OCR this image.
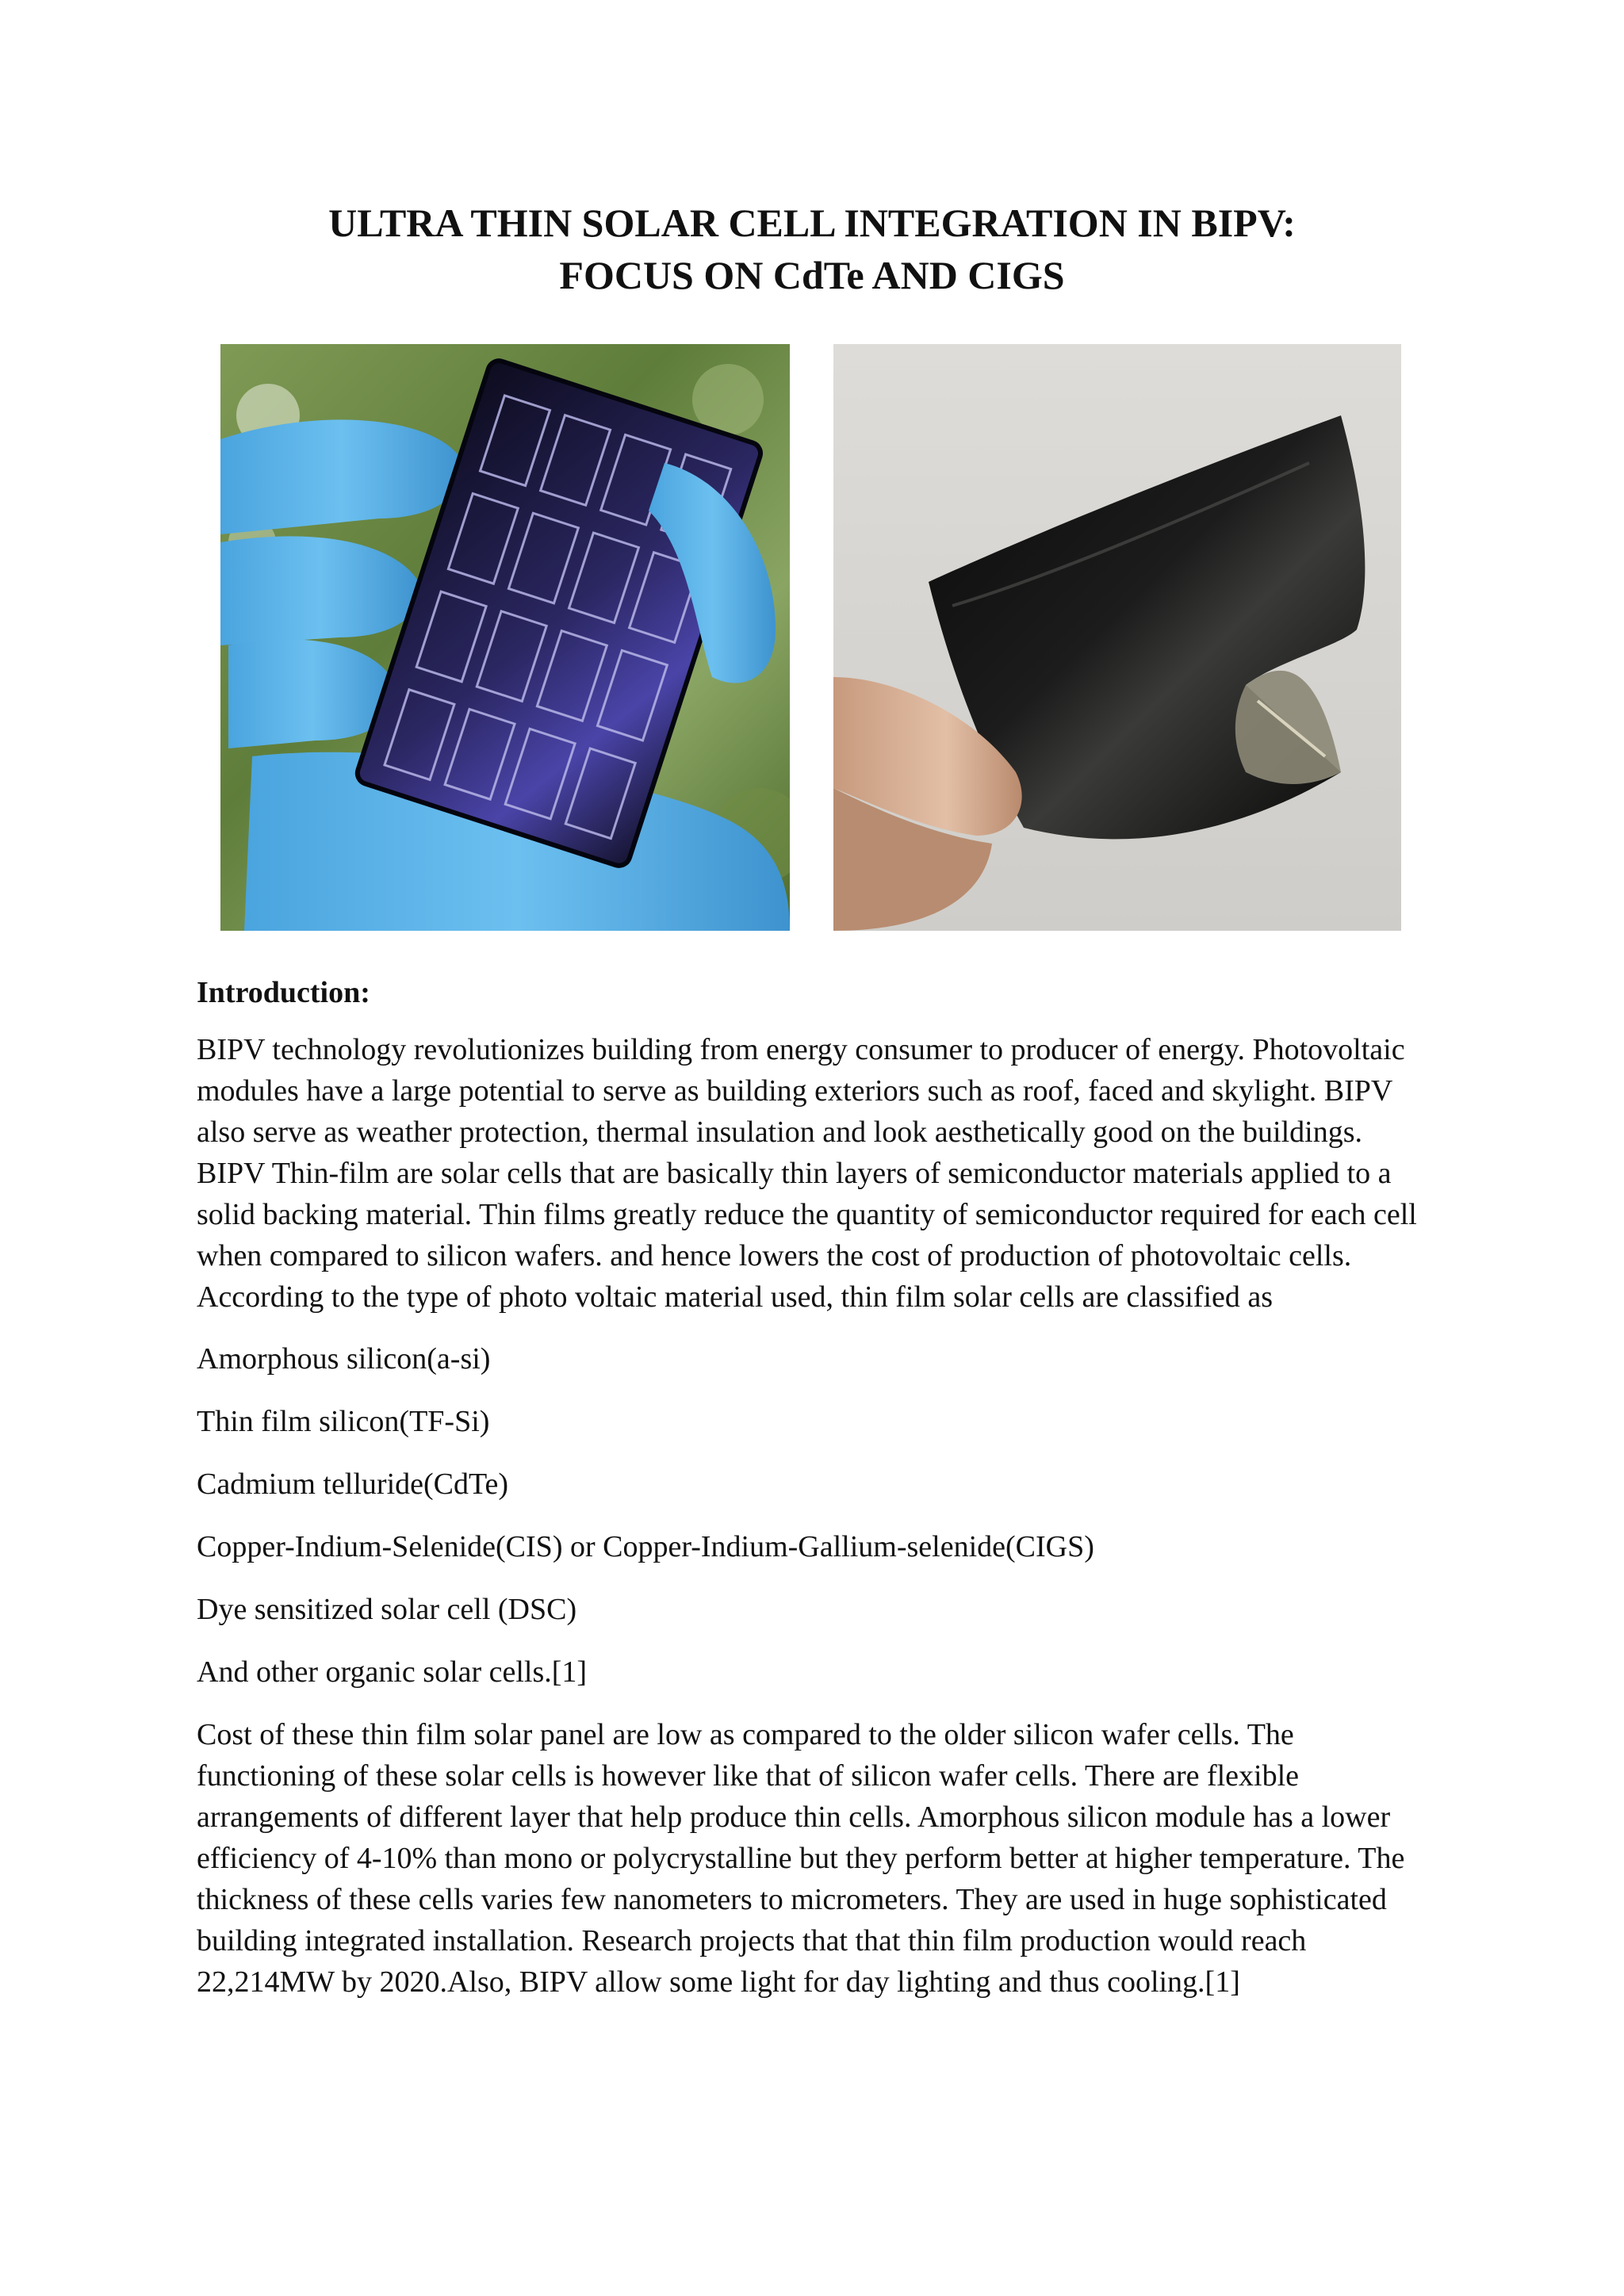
ULTRA THIN SOLAR CELL INTEGRATION IN BIPV:
FOCUS ON CdTe AND CIGS

Introduction:

BIPV technology revolutionizes building from energy consumer to producer of energy. Photovoltaic modules have a large potential to serve as building exteriors such as roof, faced and skylight. BIPV also serve as weather protection, thermal insulation and look aesthetically good on the buildings. BIPV Thin-film are solar cells that are basically thin layers of semiconductor materials applied to a solid backing material. Thin films greatly reduce the quantity of semiconductor required for each cell when compared to silicon wafers. and hence lowers the cost of production of photovoltaic cells. According to the type of photo voltaic material used, thin film solar cells are classified as

Amorphous silicon(a-si)

Thin film silicon(TF-Si)

Cadmium telluride(CdTe)

Copper-Indium-Selenide(CIS) or Copper-Indium-Gallium-selenide(CIGS)

Dye sensitized solar cell (DSC)

And other organic solar cells.[1]

Cost of these thin film solar panel are low as compared to the older silicon wafer cells. The functioning of these solar cells is however like that of silicon wafer cells. There are flexible arrangements of different layer that help produce thin cells. Amorphous silicon module has a lower efficiency of 4-10% than mono or polycrystalline but they perform better at higher temperature. The thickness of these cells varies few nanometers to micrometers. They are used in huge sophisticated building integrated installation. Research projects that that thin film production would reach 22,214MW by 2020.Also, BIPV allow some light for day lighting and thus cooling.[1]
